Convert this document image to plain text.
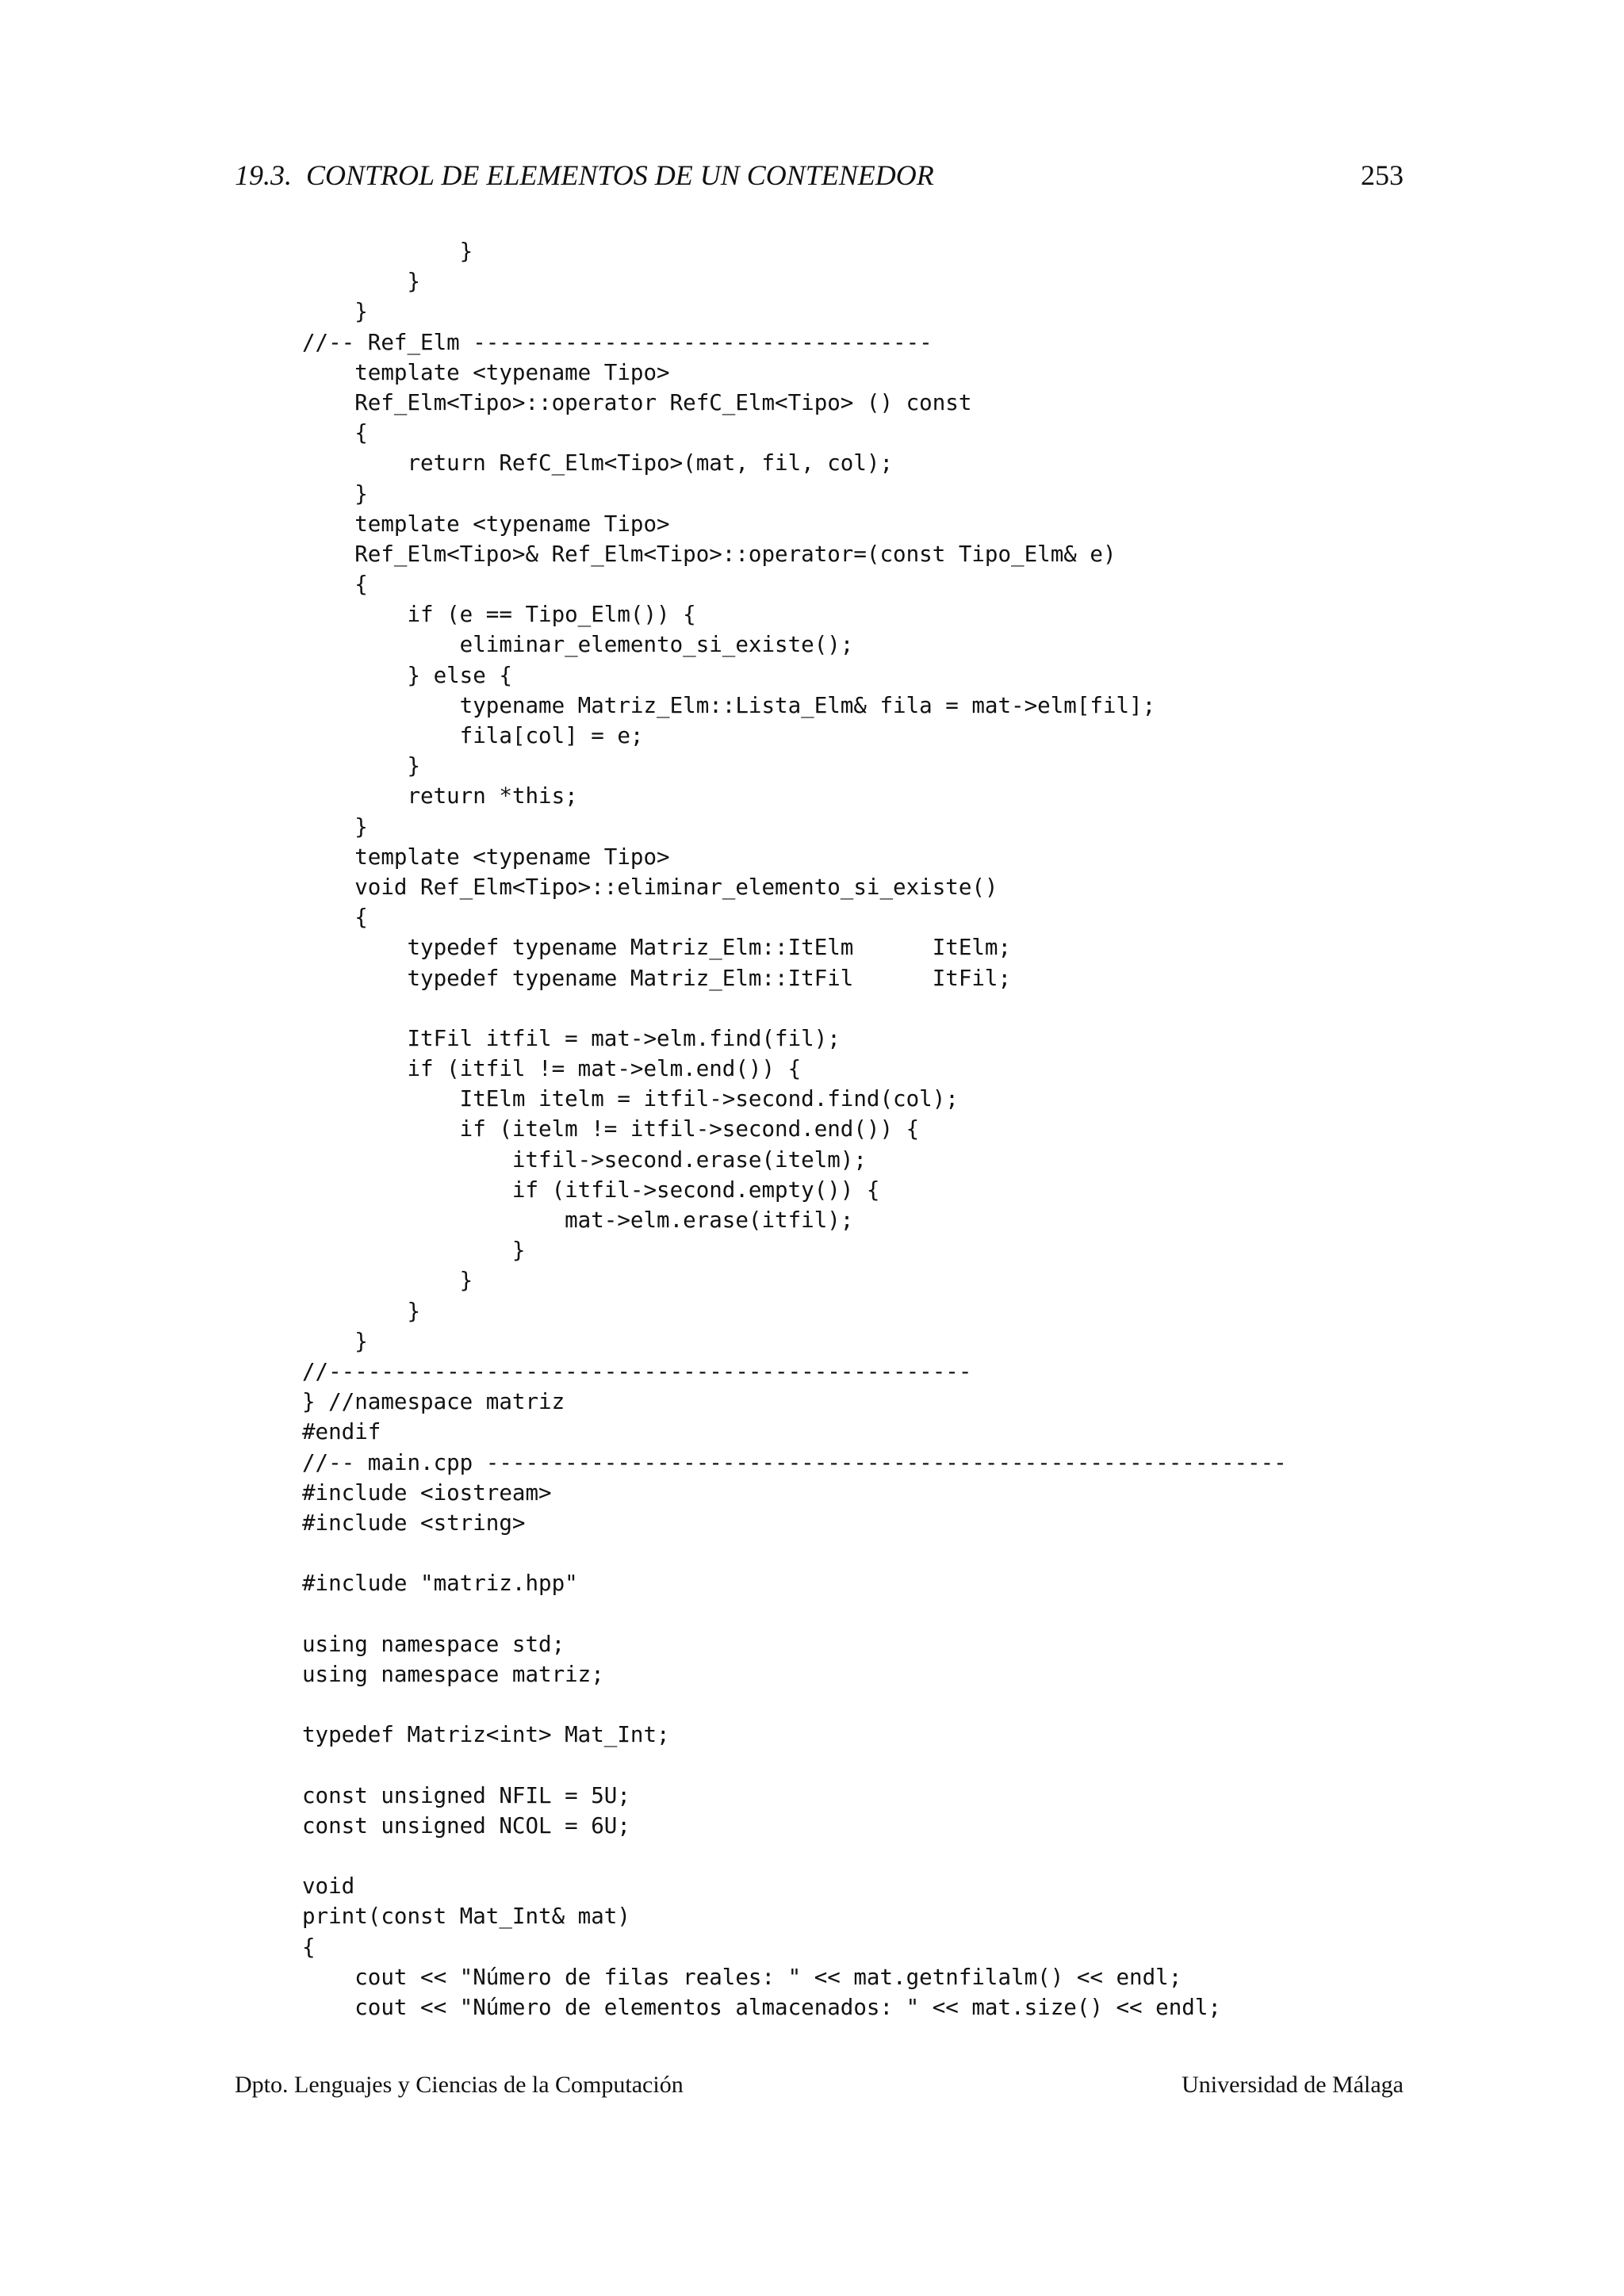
19.3.  CONTROL DE ELEMENTOS DE UN CONTENEDOR	253
}
}
}
//-- Ref_Elm -----------------------------------
template <typename Tipo>
Ref_Elm<Tipo>::operator RefC_Elm<Tipo> () const
{
return RefC_Elm<Tipo>(mat, fil, col);
}
template <typename Tipo>
Ref_Elm<Tipo>& Ref_Elm<Tipo>::operator=(const Tipo_Elm& e)
{
if (e == Tipo_Elm()) {
eliminar_elemento_si_existe();
} else {
typename Matriz_Elm::Lista_Elm& fila = mat->elm[fil];
fila[col] = e;
}
return *this;
}
template <typename Tipo>
void Ref_Elm<Tipo>::eliminar_elemento_si_existe()
{
typedef typename Matriz_Elm::ItElm      ItElm;
typedef typename Matriz_Elm::ItFil      ItFil;

ItFil itfil = mat->elm.find(fil);
if (itfil != mat->elm.end()) {
ItElm itelm = itfil->second.find(col);
if (itelm != itfil->second.end()) {
itfil->second.erase(itelm);
if (itfil->second.empty()) {
mat->elm.erase(itfil);
}
}
}
}
//-------------------------------------------------
} //namespace matriz
#endif
//-- main.cpp -------------------------------------------------------------
#include <iostream>
#include <string>

#include "matriz.hpp"

using namespace std;
using namespace matriz;

typedef Matriz<int> Mat_Int;

const unsigned NFIL = 5U;
const unsigned NCOL = 6U;

void
print(const Mat_Int& mat)
{
cout << "Número de filas reales: " << mat.getnfilalm() << endl;
cout << "Número de elementos almacenados: " << mat.size() << endl;
Dpto. Lenguajes y Ciencias de la Computación	Universidad de Málaga
